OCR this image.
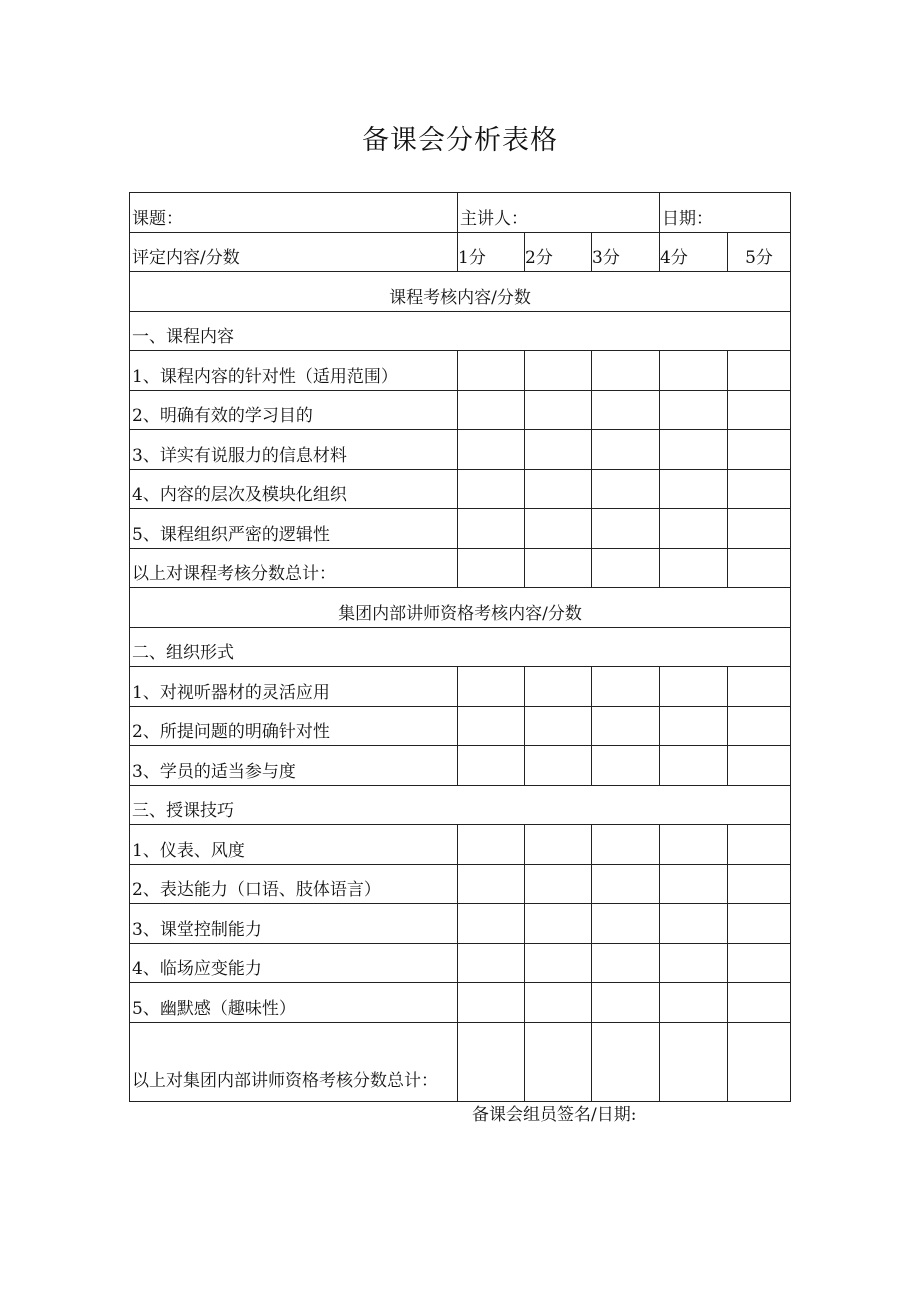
备课会分析表格
课题：	主讲人：			日期：	
评定内容/分数	1分	2分	3分	4分	5分
课程考核内容/分数					
一、课程内容					
1、课程内容的针对性（适用范围）					
2、明确有效的学习目的					
3、详实有说服力的信息材料					
4、内容的层次及模块化组织					
5、课程组织严密的逻辑性					
以上对课程考核分数总计：					
集团内部讲师资格考核内容/分数					
二、组织形式					
1、对视听器材的灵活应用					
2、所提问题的明确针对性					
3、学员的适当参与度					
三、授课技巧					
1、仪表、风度					
2、表达能力（口语、肢体语言）					
3、课堂控制能力					
4、临场应变能力					
5、幽默感（趣味性）					
以上对集团内部讲师资格考核分数总计：					
备课会组员签名/日期:
